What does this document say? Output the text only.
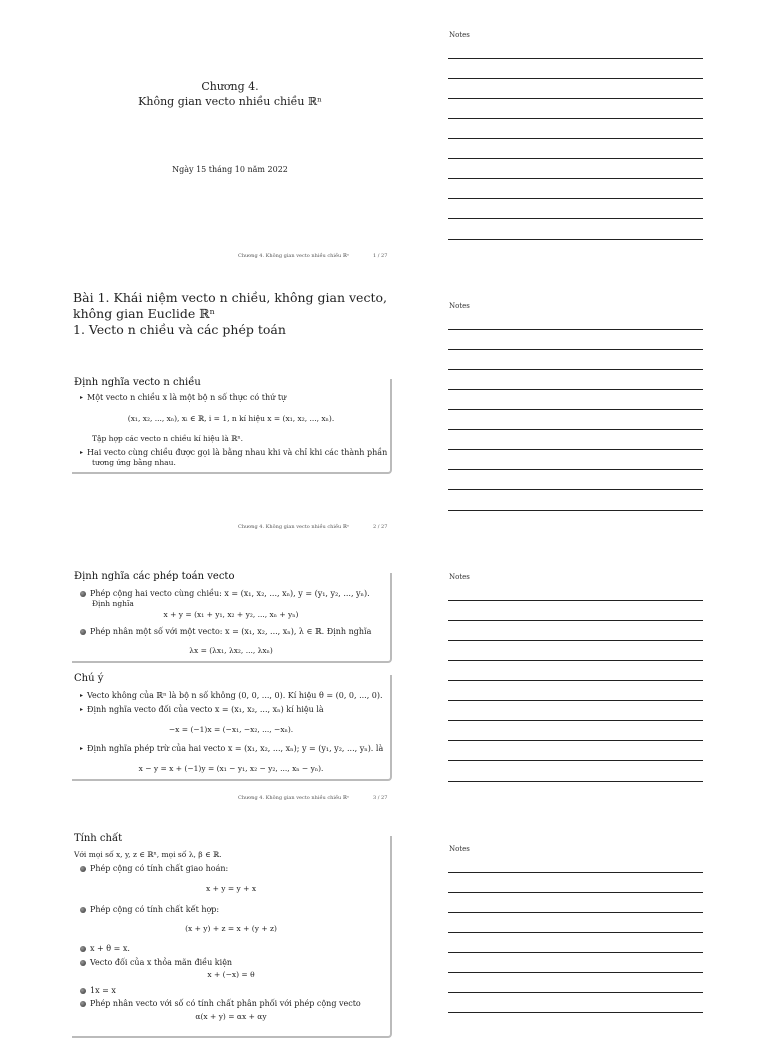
Chương 4.
Không gian vecto nhiều chiều ℝⁿ
Ngày 15 tháng 10 năm 2022
Chương 4. Không gian vecto nhiều chiều ℝⁿ	1 / 27
Notes
Bài 1. Khái niệm vecto n chiều, không gian vecto,
không gian Euclide ℝⁿ
1. Vecto n chiều và các phép toán
Định nghĩa vecto n chiều
▸ Một vecto n chiều x là một bộ n số thực có thứ tự
(x₁, x₂, ..., xₙ), xᵢ ∈ ℝ, i = 1, n kí hiệu x = (x₁, x₂, ..., xₙ).
Tập hợp các vecto n chiều kí hiệu là ℝⁿ.
▸ Hai vecto cùng chiều được gọi là bằng nhau khi và chỉ khi các thành phần
tương ứng bằng nhau.
Chương 4. Không gian vecto nhiều chiều ℝⁿ	2 / 27
Notes
Định nghĩa các phép toán vecto
Phép cộng hai vecto cùng chiều: x = (x₁, x₂, ..., xₙ), y = (y₁, y₂, ..., yₙ).
Định nghĩa
x + y = (x₁ + y₁, x₂ + y₂, ..., xₙ + yₙ)
Phép nhân một số với một vecto: x = (x₁, x₂, ..., xₙ), λ ∈ ℝ. Định nghĩa
λx = (λx₁, λx₂, ..., λxₙ)
Chú ý
▸ Vecto không của ℝⁿ là bộ n số không (0, 0, ..., 0). Kí hiệu θ = (0, 0, ..., 0).
▸ Định nghĩa vecto đối của vecto x = (x₁, x₂, ..., xₙ) kí hiệu là
−x = (−1)x = (−x₁, −x₂, ..., −xₙ).
▸ Định nghĩa phép trừ của hai vecto x = (x₁, x₂, ..., xₙ); y = (y₁, y₂, ..., yₙ). là
x − y = x + (−1)y = (x₁ − y₁, x₂ − y₂, ..., xₙ − yₙ).
Chương 4. Không gian vecto nhiều chiều ℝⁿ	3 / 27
Notes
Tính chất
Với mọi số x, y, z ∈ ℝⁿ, mọi số λ, β ∈ ℝ.
Phép cộng có tính chất giao hoán:
x + y = y + x
Phép cộng có tính chất kết hợp:
(x + y) + z = x + (y + z)
x + θ = x.
Vecto đối của x thỏa mãn điều kiện
x + (−x) = θ
1x = x
Phép nhân vecto với số có tính chất phân phối với phép cộng vecto
α(x + y) = αx + αy
Notes
